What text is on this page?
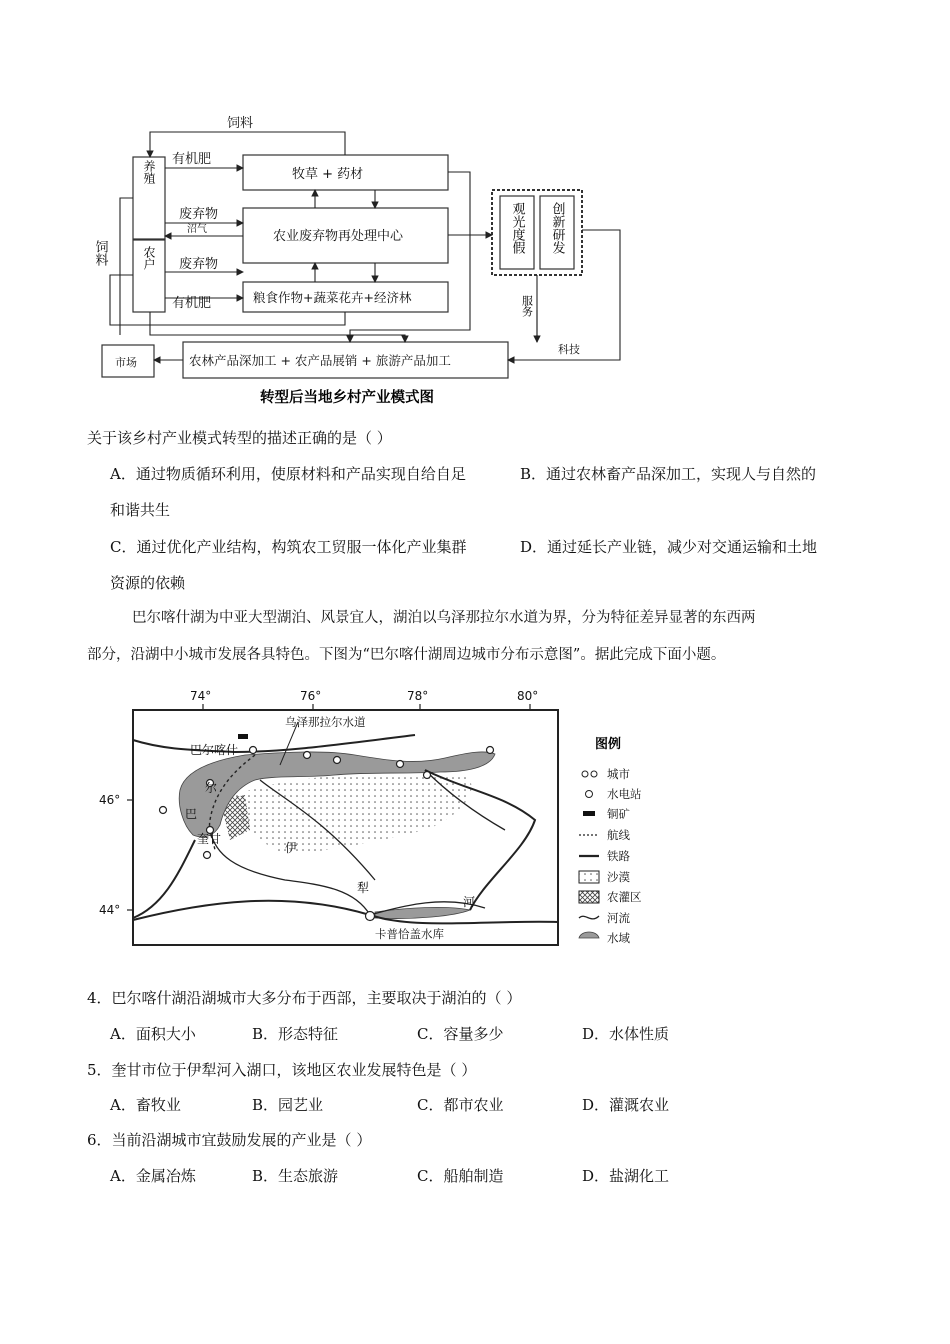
饲料
有机肥
废弃物
沼气
废弃物
有机肥
牧草 + 药材
农业废弃物再处理中心
粮食作物+蔬菜花卉+经济林
市场	农林产品深加工 + 农产品展销 + 旅游产品加工
科技
养殖
农户
饲料	观光度假 创新研发
服务
转型后当地乡村产业模式图
关于该乡村产业模式转型的描述正确的是（ ）
A．通过物质循环利用，使原材料和产品实现自给自足	B．通过农林畜产品深加工，实现人与自然的
和谐共生
C．通过优化产业结构，构筑农工贸服一体化产业集群	D．通过延长产业链，减少对交通运输和土地
资源的依赖
巴尔喀什湖为中亚大型湖泊、风景宜人，湖泊以乌泽那拉尔水道为界，分为特征差异显著的东西两
部分，沿湖中小城市发展各具特色。下图为“巴尔喀什湖周边城市分布示意图”。据此完成下面小题。
74°	76°	78°	80°
46°
44°
乌泽那拉尔水道
巴尔喀什
尔
巴
奎甘
伊
犁
河
卡普恰盖水库
图例
城市
水电站
铜矿
航线
铁路
沙漠
农灌区
河流
水域
4．巴尔喀什湖沿湖城市大多分布于西部，主要取决于湖泊的（ ）
A．面积大小	B．形态特征	C．容量多少	D．水体性质
5．奎甘市位于伊犁河入湖口，该地区农业发展特色是（ ）
A．畜牧业	B．园艺业	C．都市农业	D．灌溉农业
6．当前沿湖城市宜鼓励发展的产业是（ ）
A．金属冶炼	B．生态旅游	C．船舶制造	D．盐湖化工
